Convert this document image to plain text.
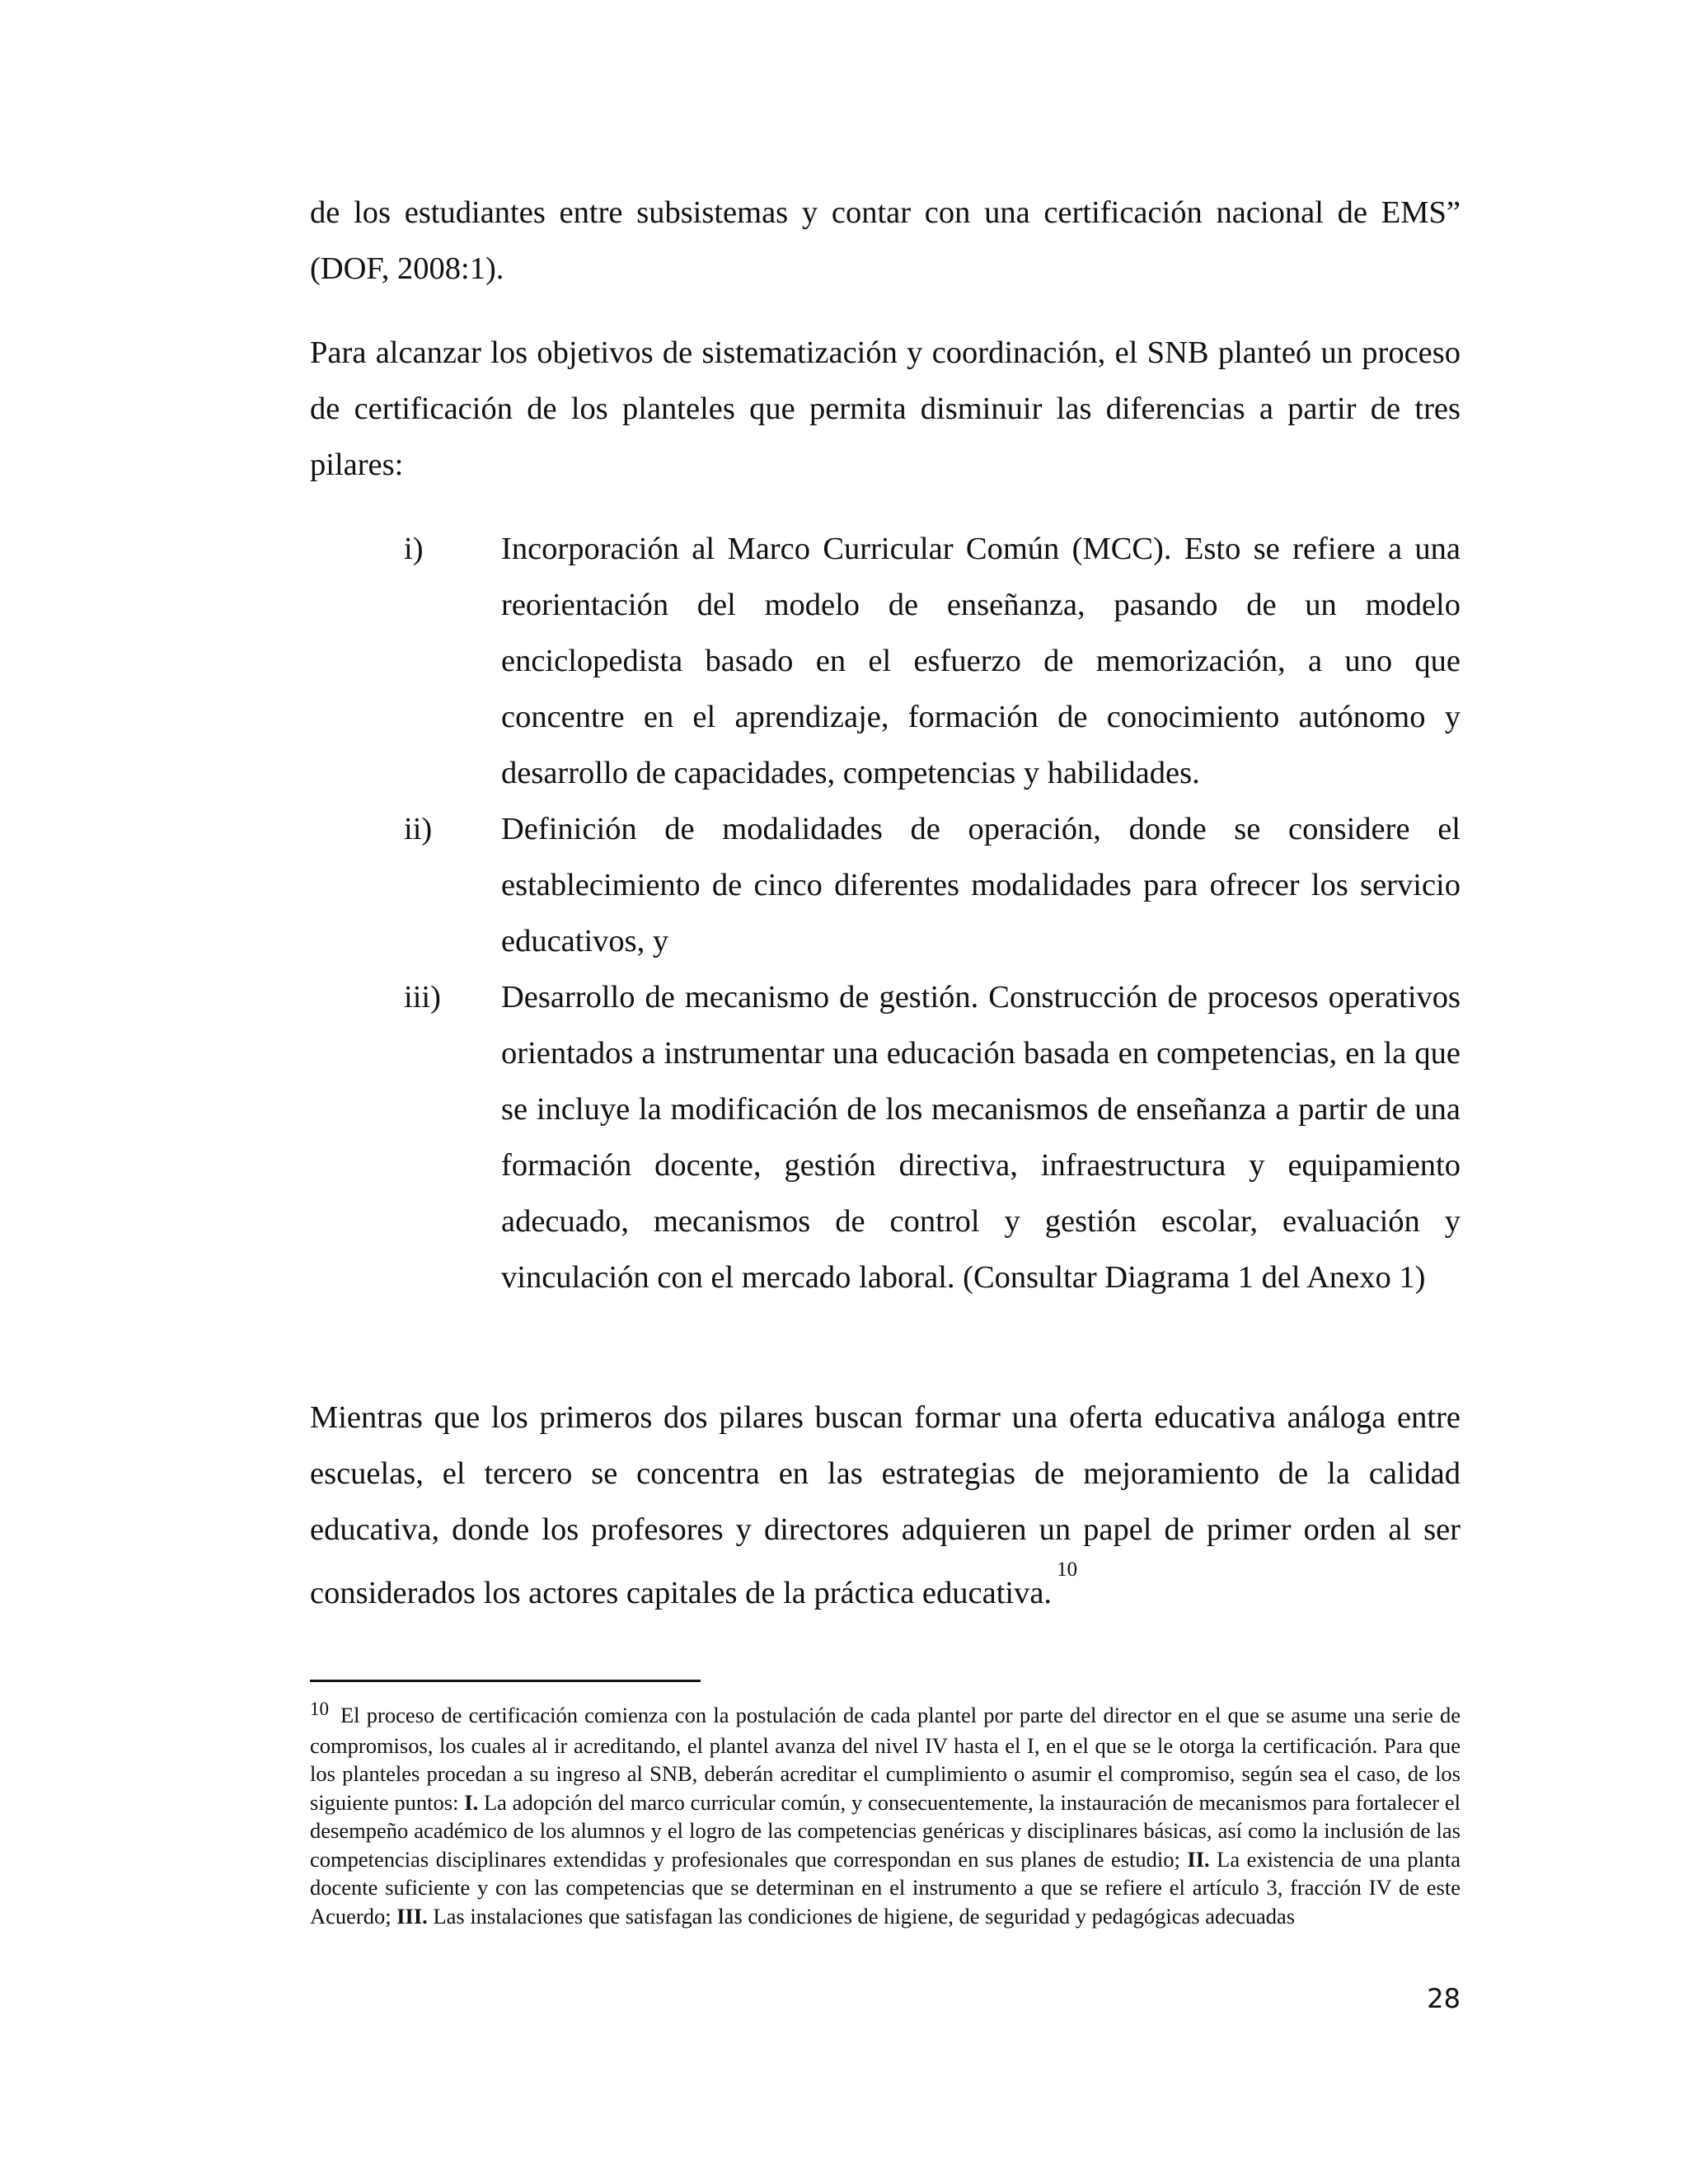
de los estudiantes entre subsistemas y contar con una certificación nacional de EMS” (DOF, 2008:1).

Para alcanzar los objetivos de sistematización y coordinación, el SNB planteó un proceso de certificación de los planteles que permita disminuir las diferencias a partir de tres pilares:

i) Incorporación al Marco Curricular Común (MCC). Esto se refiere a una reorientación del modelo de enseñanza, pasando de un modelo enciclopedista basado en el esfuerzo de memorización, a uno que concentre en el aprendizaje, formación de conocimiento autónomo y desarrollo de capacidades, competencias y habilidades.
ii) Definición de modalidades de operación, donde se considere el establecimiento de cinco diferentes modalidades para ofrecer los servicio educativos, y
iii) Desarrollo de mecanismo de gestión. Construcción de procesos operativos orientados a instrumentar una educación basada en competencias, en la que se incluye la modificación de los mecanismos de enseñanza a partir de una formación docente, gestión directiva, infraestructura y equipamiento adecuado, mecanismos de control y gestión escolar, evaluación y vinculación con el mercado laboral. (Consultar Diagrama 1 del Anexo 1)

Mientras que los primeros dos pilares buscan formar una oferta educativa análoga entre escuelas, el tercero se concentra en las estrategias de mejoramiento de la calidad educativa, donde los profesores y directores adquieren un papel de primer orden al ser considerados los actores capitales de la práctica educativa.$^{10}$

10 El proceso de certificación comienza con la postulación de cada plantel por parte del director en el que se asume una serie de compromisos, los cuales al ir acreditando, el plantel avanza del nivel IV hasta el I, en el que se le otorga la certificación. Para que los planteles procedan a su ingreso al SNB, deberán acreditar el cumplimiento o asumir el compromiso, según sea el caso, de los siguiente puntos: I. La adopción del marco curricular común, y consecuentemente, la instauración de mecanismos para fortalecer el desempeño académico de los alumnos y el logro de las competencias genéricas y disciplinares básicas, así como la inclusión de las competencias disciplinares extendidas y profesionales que correspondan en sus planes de estudio; II. La existencia de una planta docente suficiente y con las competencias que se determinan en el instrumento a que se refiere el artículo 3, fracción IV de este Acuerdo; III. Las instalaciones que satisfagan las condiciones de higiene, de seguridad y pedagógicas adecuadas

28
